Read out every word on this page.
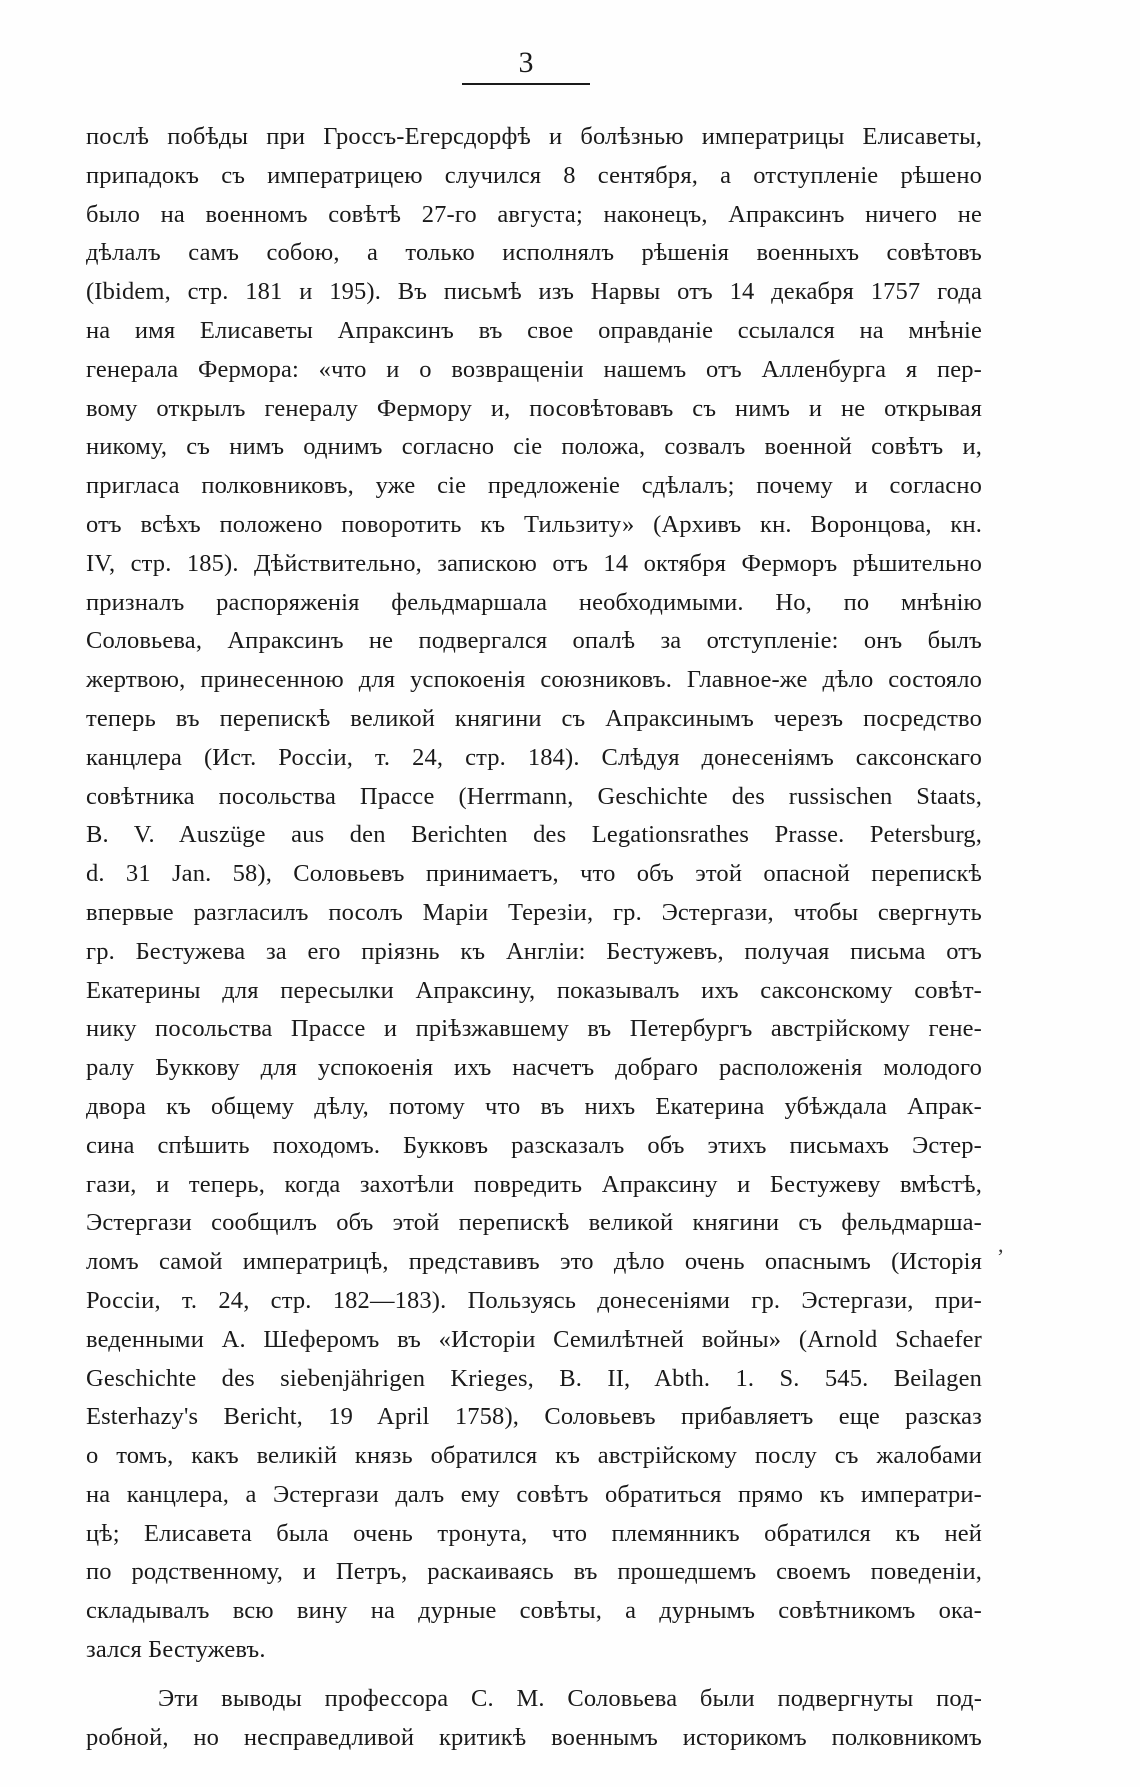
3
послѣ побѣды при Гроссъ-Егерсдорфѣ и болѣзнью императрицы Елисаветы,
припадокъ съ императрицею случился 8 сентября, а отступленіе рѣшено
было на военномъ совѣтѣ 27-го августа; наконецъ, Апраксинъ ничего не
дѣлалъ самъ собою, а только исполнялъ рѣшенія военныхъ совѣтовъ
(Ibidem, стр. 181 и 195). Въ письмѣ изъ Нарвы отъ 14 декабря 1757 года
на имя Елисаветы Апраксинъ въ свое оправданіе ссылался на мнѣніе
генерала Фермора: «что и о возвращеніи нашемъ отъ Алленбурга я пер-
вому открылъ генералу Фермору и, посовѣтовавъ съ нимъ и не открывая
никому, съ нимъ однимъ согласно сіе положа, созвалъ военной совѣтъ и,
пригласа полковниковъ, уже сіе предложеніе сдѣлалъ; почему и согласно
отъ всѣхъ положено поворотить къ Тильзиту» (Архивъ кн. Воронцова, кн.
IV, стр. 185). Дѣйствительно, запискою отъ 14 октября Ферморъ рѣшительно
призналъ распоряженія фельдмаршала необходимыми. Но, по мнѣнію
Соловьева, Апраксинъ не подвергался опалѣ за отступленіе: онъ былъ
жертвою, принесенною для успокоенія союзниковъ. Главное-же дѣло состояло
теперь въ перепискѣ великой княгини съ Апраксинымъ черезъ посредство
канцлера (Ист. Россіи, т. 24, стр. 184). Слѣдуя донесеніямъ саксонскаго
совѣтника посольства Прассе (Herrmann, Geschichte des russischen Staats,
B. V. Auszüge aus den Berichten des Legationsrathes Prasse. Petersburg,
d. 31 Jan. 58), Соловьевъ принимаетъ, что объ этой опасной перепискѣ
впервые разгласилъ посолъ Маріи Терезіи, гр. Эстергази, чтобы свергнуть
гр. Бестужева за его пріязнь къ Англіи: Бестужевъ, получая письма отъ
Екатерины для пересылки Апраксину, показывалъ ихъ саксонскому совѣт-
нику посольства Прассе и пріѣзжавшему въ Петербургъ австрійскому гене-
ралу Буккову для успокоенія ихъ насчетъ добраго расположенія молодого
двора къ общему дѣлу, потому что въ нихъ Екатерина убѣждала Апрак-
сина спѣшить походомъ. Букковъ разсказалъ объ этихъ письмахъ Эстер-
гази, и теперь, когда захотѣли повредить Апраксину и Бестужеву вмѣстѣ,
Эстергази сообщилъ объ этой перепискѣ великой княгини съ фельдмарша-
ломъ самой императрицѣ, представивъ это дѣло очень опаснымъ (Исторія
Россіи, т. 24, стр. 182—183). Пользуясь донесеніями гр. Эстергази, при-
веденными А. Шеферомъ въ «Исторіи Семилѣтней войны» (Arnold Schaefer
Geschichte des siebenjährigen Krieges, B. II, Abth. 1. S. 545. Beilagen
Esterhazy's Bericht, 19 April 1758), Соловьевъ прибавляетъ еще разсказ
о томъ, какъ великій князь обратился къ австрійскому послу съ жалобами
на канцлера, а Эстергази далъ ему совѣтъ обратиться прямо къ императри-
цѣ; Елисавета была очень тронута, что племянникъ обратился къ ней
по родственному, и Петръ, раскаиваясь въ прошедшемъ своемъ поведеніи,
складывалъ всю вину на дурные совѣты, а дурнымъ совѣтникомъ ока-
зался Бестужевъ.
Эти выводы профессора С. М. Соловьева были подвергнуты под-
робной, но несправедливой критикѣ военнымъ историкомъ полковникомъ
,
